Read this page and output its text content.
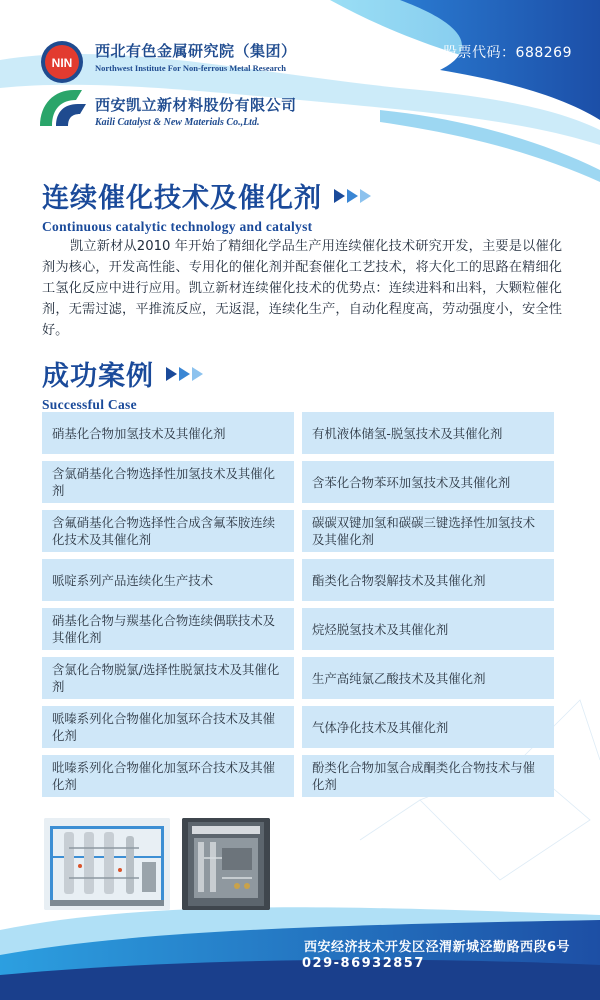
NIN
西北有色金属研究院（集团）
Northwest Institute For Non-ferrous Metal Research
股票代码：688269
西安凯立新材料股份有限公司
Kaili Catalyst & New Materials Co.,Ltd.
连续催化技术及催化剂
Continuous catalytic technology and catalyst

凯立新材从2010 年开始了精细化学品生产用连续催化技术研究开发，主要是以催化剂为核心，开发高性能、专用化的催化剂并配套催化工艺技术，将大化工的思路在精细化工氢化反应中进行应用。凯立新材连续催化技术的优势点：连续进料和出料，大颗粒催化剂，无需过滤，平推流反应，无返混，连续化生产，自动化程度高，劳动强度小，安全性好。

成功案例
Successful Case
硝基化合物加氢技术及其催化剂	有机液体储氢-脱氢技术及其催化剂
含氯硝基化合物选择性加氢技术及其催化剂
含苯化合物苯环加氢技术及其催化剂
含氟硝基化合物选择性合成含氟苯胺连续化技术及其催化剂
碳碳双键加氢和碳碳三键选择性加氢技术及其催化剂
哌啶系列产品连续化生产技术	酯类化合物裂解技术及其催化剂
硝基化合物与羰基化合物连续偶联技术及其催化剂
烷烃脱氢技术及其催化剂
含氯化合物脱氯/选择性脱氯技术及其催化剂
生产高纯氯乙酸技术及其催化剂
哌嗪系列化合物催化加氢环合技术及其催化剂
气体净化技术及其催化剂
吡嗪系列化合物催化加氢环合技术及其催化剂
酚类化合物加氢合成酮类化合物技术与催化剂
西安经济技术开发区泾渭新城泾勤路西段6号
029-86932857
